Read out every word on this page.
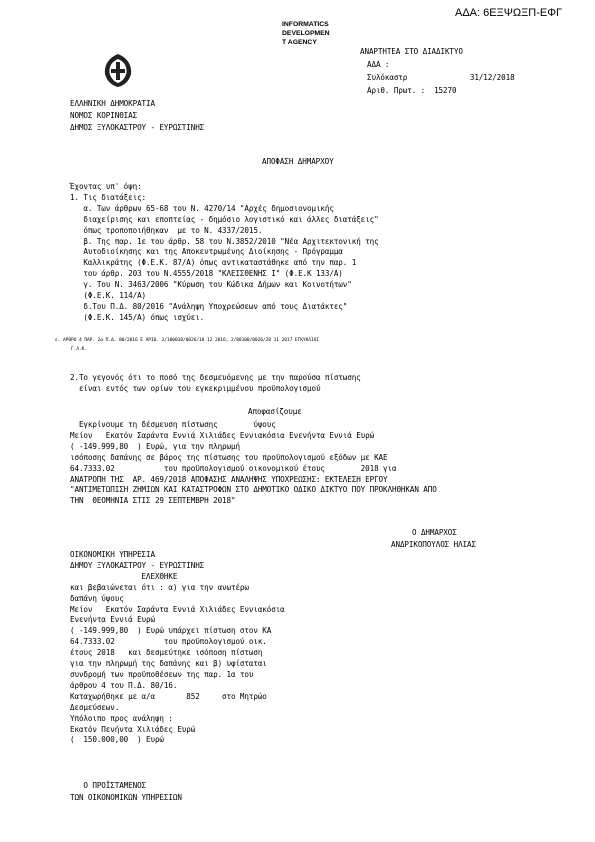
ΑΔΑ: 6ΕΞΨΩΞΠ-ΕΦΓ
INFORMATICS
DEVELOPMEN
T AGENCY
ΑΝΑΡΤΗΤΕΑ ΣΤΟ ΔΙΑΔΙΚΤΥΟ
ΑΔΑ :
Συλόκαστρ              31/12/2018
Αριθ. Πρωτ. :  15270
ΕΛΛΗΝΙΚΗ ΔΗΜΟΚΡΑΤΙΑ
ΝΟΜΟΣ ΚΟΡΙΝΘΙΑΣ
ΔΗΜΟΣ ΞΥΛΟΚΑΣΤΡΟΥ - ΕΥΡΩΣΤΙΝΗΣ
ΑΠΟΦΑΣΗ ΔΗΜΑΡΧΟΥ
Έχοντας υπ' όψη:
1. Τις διατάξεις:
α. Των άρθρων 65-68 του Ν. 4270/14 "Αρχές δημοσιονομικής
διαχείρισης και εποπτείας - δημόσιο λογιστικό και άλλες διατάξεις"
όπως τροποποιήθηκαν  με το Ν. 4337/2015.
β. Της παρ. 1ε του άρθρ. 58 του Ν.3852/2010 "Νέα Αρχιτεκτονική της
Αυτοδιοίκησης και της Αποκεντρωμένης Διοίκησης - Πρόγραμμα
Καλλικράτης (Φ.Ε.Κ. 87/Α) όπως αντικαταστάθηκε από την παρ. 1
του άρθρ. 203 του Ν.4555/2018 "ΚΛΕΙΣΘΕΝΗΣ Ι" (Φ.Ε.Κ 133/Α)
γ. Του Ν. 3463/2006 "Κύρωση του Κώδικα Δήμων και Κοινοτήτων"
(Φ.Ε.Κ. 114/Α)
δ.Του Π.Δ. 80/2016 "Ανάληψη Υποχρεώσεων από τους Διατάκτες"
(Φ.Ε.Κ. 145/Α) όπως ισχύει.
ε. ΑΡΘΡΟ 4 ΠΑΡ. 2α Π.Δ. 80/2016 Ε ΑΡΙΘ. 2/100018/0026/10 12 2016, 2/88108/0026/28 11 2017 ΕΓΚΥΚΛΙΟΙ
Γ.Λ.Κ.
2.Το γεγονός ότι το ποσό της δεσμευόμενης με την παρούσα πίστωσης
είναι εντός των ορίων του εγκεκριμμένου προϋπολογισμού
Αποφασίζουμε
Εγκρίνουμε τη δέσμευση πίστωσης        ύψους
Μείον   Εκατόν Σαράντα Εννιά Χιλιάδες Εννιακόσια Ενενήντα Εννιά Ευρώ
( -149.999,80  ) Ευρώ, για την πληρωμή
ισόποσης δαπάνης σε βάρος της πίστωσης του προϋπολογισμού εξόδων με ΚΑΕ
64.7333.02           του προϋπολογισμού οικονομικού έτους        2018 για
ΑΝΑΤΡΟΠΗ ΤΗΣ  ΑΡ. 469/2018 ΑΠΟΦΑΣΗΣ ΑΝΑΛΗΨΗΣ ΥΠΟΧΡΕΩΣΗΣ: ΕΚΤΕΛΕΣΗ ΕΡΓΟΥ
"ΑΝΤΙΜΕΤΩΠΙΣΗ ΖΗΜΙΩΝ ΚΑΙ ΚΑΤΑΣΤΡΟΦΩΝ ΣΤΟ ΔΗΜΟΤΙΚΟ ΟΔΙΚΟ ΔΙΚΤΥΟ ΠΟΥ ΠΡΟΚΛΗΘΗΚΑΝ ΑΠΟ
ΤΗΝ  ΘΕΟΜΗΝΙΑ ΣΤΙΣ 29 ΣΕΠΤΕΜΒΡΗ 2018"
Ο ΔΗΜΑΡΧΟΣ
ΑΝΔΡΙΚΟΠΟΥΛΟΣ ΗΛΙΑΣ
ΟΙΚΟΝΟΜΙΚΗ ΥΠΗΡΕΣΙΑ
ΔΗΜΟΥ ΞΥΛΟΚΑΣΤΡΟΥ - ΕΥΡΩΣΤΙΝΗΣ
ΕΛΕΧΘΗΚΕ
και βεβαιώνεται ότι : α) για την ανωτέρω
δαπάνη ύψους
Μείον   Εκατόν Σαράντα Εννιά Χιλιάδες Εννιακόσια
Ενενήντα Εννιά Ευρώ
( -149.999,80  ) Ευρώ υπάρχει πίστωση στον ΚΑ
64.7333.02           του προϋπολογισμού οικ.
έτους 2018   και δεσμεύτηκε ισόποση πίστωση
για την πληρωμή της δαπάνης και β) υφίσταται
συνδρομή των προϋποθέσεων της παρ. 1α του
άρθρου 4 του Π.Δ. 80/16.
Καταχωρήθηκε με α/α       852     στο Μητρώο
Δεσμεύσεων.
Υπόλοιπο προς ανάληψη :
Εκατόν Πενήντα Χιλιάδες Ευρώ
(  150.000,00  ) Ευρώ
Ο ΠΡΟΪΣΤΑΜΕΝΟΣ
ΤΩΝ ΟΙΚΟΝΟΜΙΚΩΝ ΥΠΗΡΕΣΙΩΝ
